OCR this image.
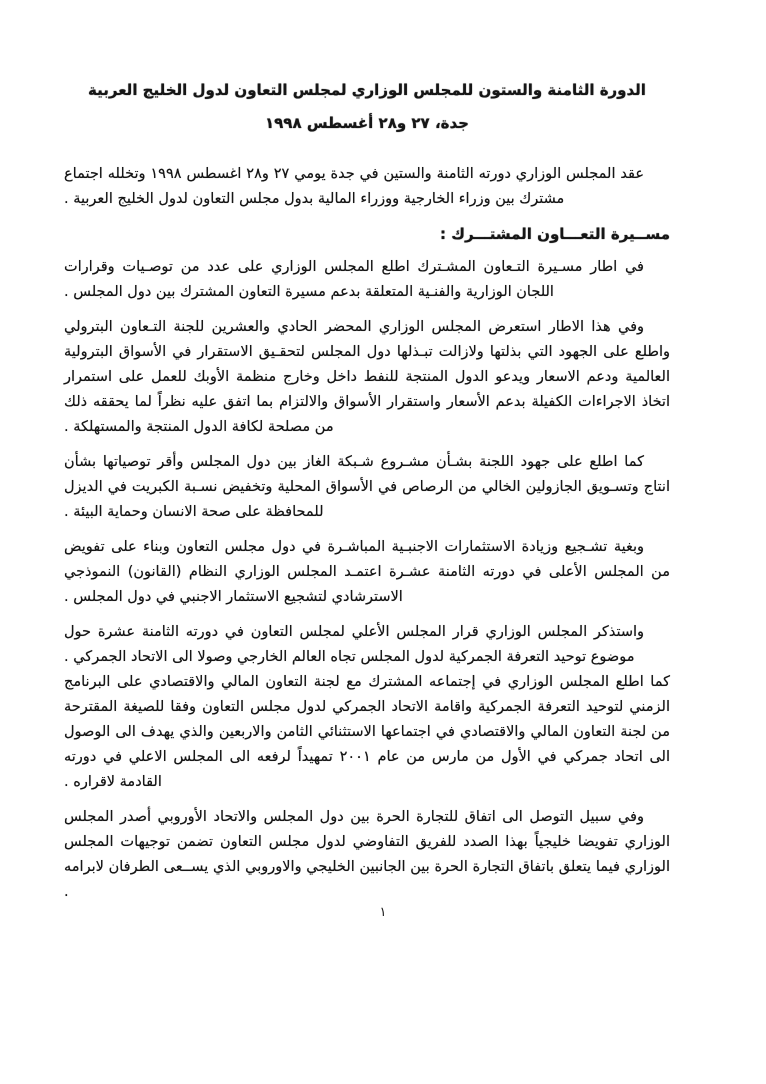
الدورة الثامنة والستون للمجلس الوزاري لمجلس التعاون لدول الخليج العربية
جدة، ٢٧ و٢٨ أغسطس ١٩٩٨

عقد المجلس الوزاري دورته الثامنة والستين في جدة يومي ٢٧ و٢٨ اغسطس ١٩٩٨ وتخلله اجتماع مشترك بين وزراء الخارجية ووزراء المالية بدول مجلس التعاون لدول الخليج العربية .

مســيرة التعـــاون المشتـــرك :

في اطار مسـيرة التـعاون المشـترك اطلع المجلس الوزاري على عدد من توصـيات وقرارات اللجان الوزارية والفنـية المتعلقة بدعم مسيرة التعاون المشترك بين دول المجلس .

وفي هذا الاطار استعرض المجلس الوزاري المحضر الحادي والعشرين للجنة التـعاون البترولي واطلع على الجهود التي بذلتها ولازالت تبـذلها دول المجلس لتحقـيق الاستقرار في الأسواق البترولية العالمية ودعم الاسعار ويدعو الدول المنتجة للنفط داخل وخارج منظمة الأوبك للعمل على استمرار اتخاذ الاجراءات الكفيلة بدعم الأسعار واستقرار الأسواق والالتزام بما اتفق عليه نظراً لما يحققه ذلك من مصلحة لكافة الدول المنتجة والمستهلكة .

كما اطلع على جهود اللجنة بشـأن مشـروع شـبكة الغاز بين دول المجلس وأقر توصياتها بشأن انتاج وتسـويق الجازولين الخالي من الرصاص في الأسواق المحلية وتخفيض نسـبة الكبريت في الديزل للمحافظة على صحة الانسان وحماية البيئة .

وبغية تشـجيع وزيادة الاستثمارات الاجنبـية المباشـرة في دول مجلس التعاون وبناء على تفويض من المجلس الأعلى في دورته الثامنة عشـرة اعتمـد المجلس الوزاري النظام (القانون) النموذجي الاسترشادي لتشجيع الاستثمار الاجنبي في دول المجلس .

واستذكر المجلس الوزاري قرار المجلس الأعلي لمجلس التعاون في دورته الثامنة عشرة حول موضوع توحيد التعرفة الجمركية لدول المجلس تجاه العالم الخارجي وصولا الى الاتحاد الجمركي .

كما اطلع المجلس الوزاري في إجتماعه المشترك مع لجنة التعاون المالي والاقتصادي على البرنامج الزمني لتوحيد التعرفة الجمركية واقامة الاتحاد الجمركي لدول مجلس التعاون وفقا للصيغة المقترحة من لجنة التعاون المالي والاقتصادي في اجتماعها الاستثنائي الثامن والاربعين والذي يهدف الى الوصول الى اتحاد جمركي في الأول من مارس من عام ٢٠٠١ تمهيداً لرفعه الى المجلس الاعلي في دورته القادمة لاقراره .

وفي سبيل التوصل الى اتفاق للتجارة الحرة بين دول المجلس والاتحاد الأوروبي أصدر المجلس الوزاري تفويضا خليجياً بهذا الصدد للفريق التفاوضي لدول مجلس التعاون تضمن توجيهات المجلس الوزاري فيما يتعلق باتفاق التجارة الحرة بين الجانبين الخليجي والاوروبي الذي يســعى الطرفان لابرامه .

١
